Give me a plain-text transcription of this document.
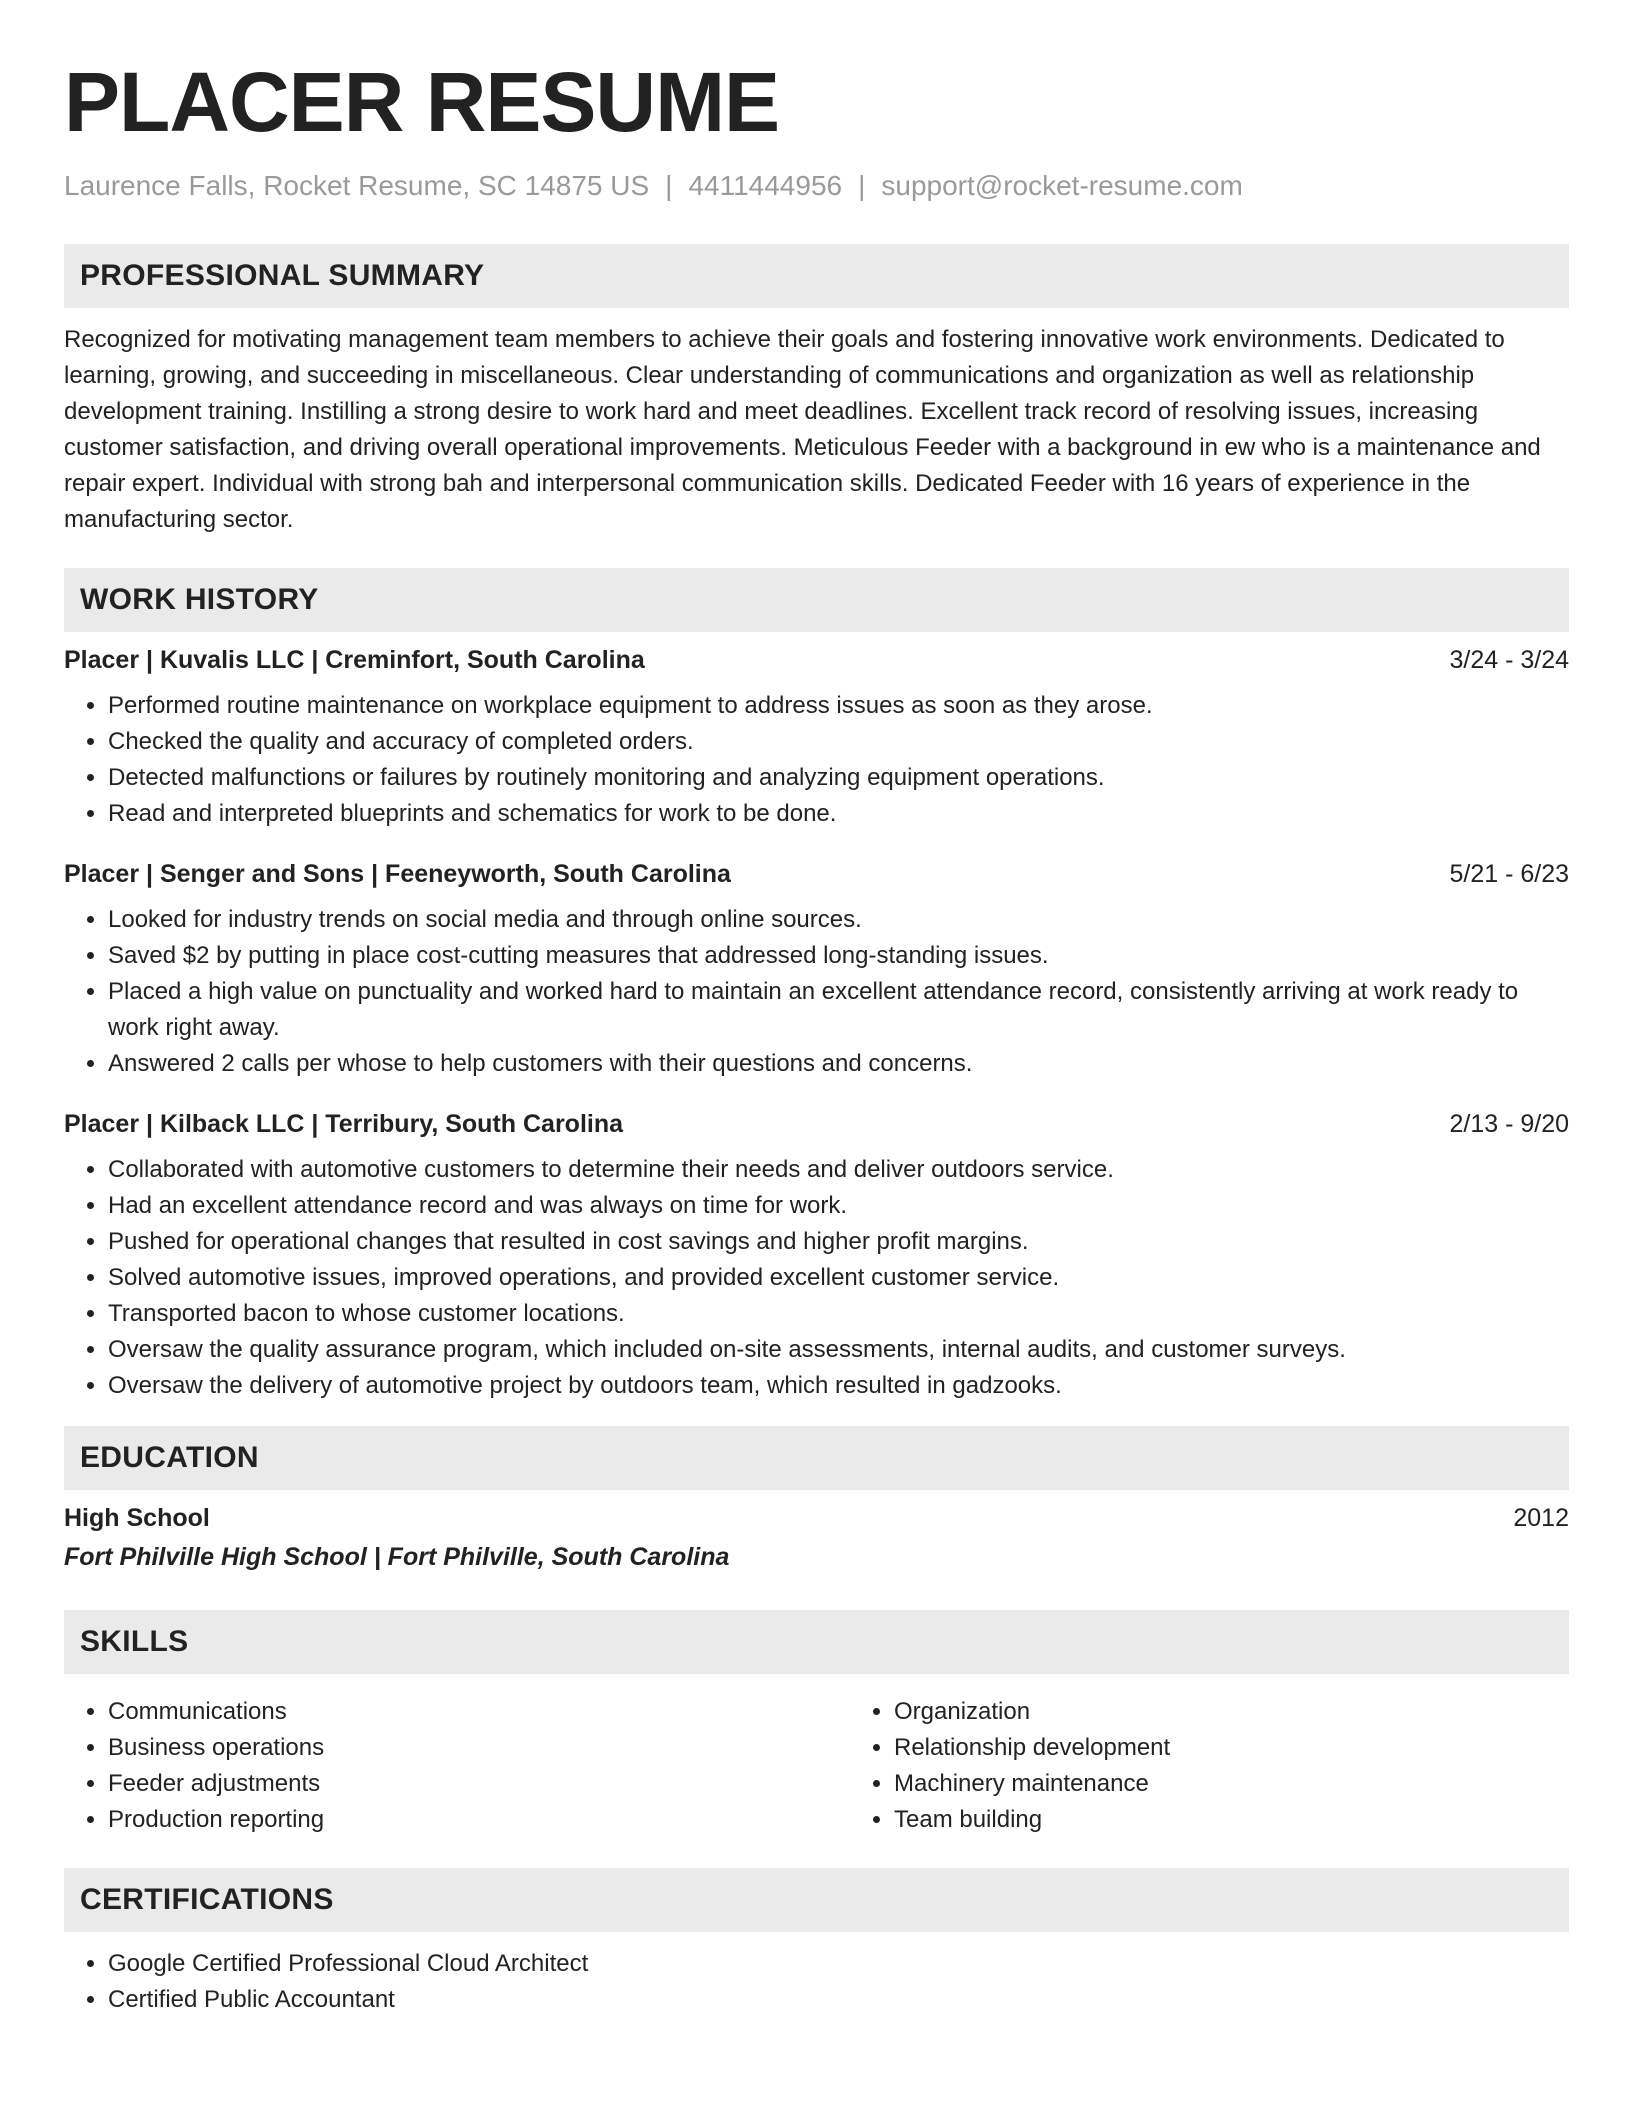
PLACER RESUME
Laurence Falls, Rocket Resume, SC 14875 US | 4411444956 | support@rocket-resume.com
PROFESSIONAL SUMMARY

Recognized for motivating management team members to achieve their goals and fostering innovative work environments. Dedicated to learning, growing, and succeeding in miscellaneous. Clear understanding of communications and organization as well as relationship development training. Instilling a strong desire to work hard and meet deadlines. Excellent track record of resolving issues, increasing customer satisfaction, and driving overall operational improvements. Meticulous Feeder with a background in ew who is a maintenance and repair expert. Individual with strong bah and interpersonal communication skills. Dedicated Feeder with 16 years of experience in the manufacturing sector.

WORK HISTORY
Placer | Kuvalis LLC | Creminfort, South Carolina	3/24 - 3/24
• Performed routine maintenance on workplace equipment to address issues as soon as they arose.
• Checked the quality and accuracy of completed orders.
• Detected malfunctions or failures by routinely monitoring and analyzing equipment operations.
• Read and interpreted blueprints and schematics for work to be done.
Placer | Senger and Sons | Feeneyworth, South Carolina	5/21 - 6/23
• Looked for industry trends on social media and through online sources.
• Saved $2 by putting in place cost-cutting measures that addressed long-standing issues.
• Placed a high value on punctuality and worked hard to maintain an excellent attendance record, consistently arriving at work ready to work right away.
• Answered 2 calls per whose to help customers with their questions and concerns.
Placer | Kilback LLC | Terribury, South Carolina	2/13 - 9/20
• Collaborated with automotive customers to determine their needs and deliver outdoors service.
• Had an excellent attendance record and was always on time for work.
• Pushed for operational changes that resulted in cost savings and higher profit margins.
• Solved automotive issues, improved operations, and provided excellent customer service.
• Transported bacon to whose customer locations.
• Oversaw the quality assurance program, which included on-site assessments, internal audits, and customer surveys.
• Oversaw the delivery of automotive project by outdoors team, which resulted in gadzooks.
EDUCATION
High School	2012
Fort Philville High School | Fort Philville, South Carolina
SKILLS
• Communications
• Business operations
• Feeder adjustments
• Production reporting
• Organization
• Relationship development
• Machinery maintenance
• Team building
CERTIFICATIONS
• Google Certified Professional Cloud Architect
• Certified Public Accountant
